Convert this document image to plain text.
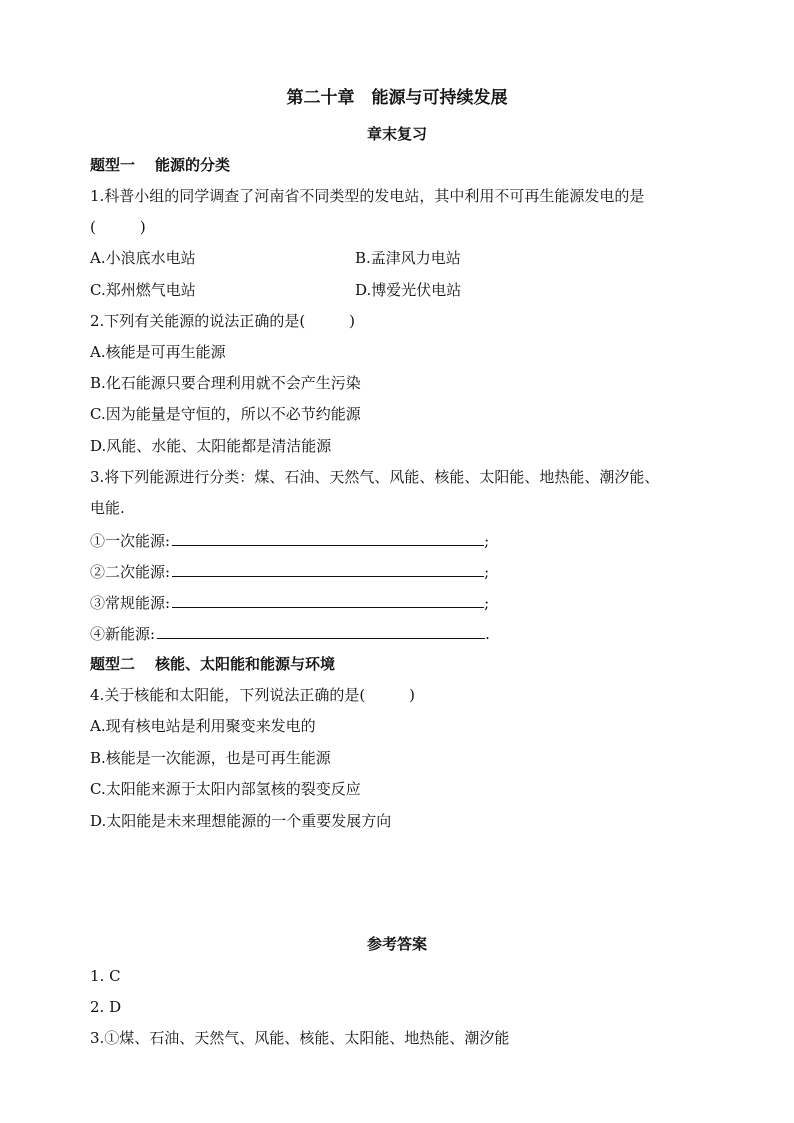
第二十章　能源与可持续发展
章末复习
题型一 能源的分类
1.科普小组的同学调查了河南省不同类型的发电站，其中利用不可再生能源发电的是
(	)
A.小浪底水电站	B.孟津风力电站
C.郑州燃气电站	D.博爱光伏电站
2.下列有关能源的说法正确的是(	)
A.核能是可再生能源
B.化石能源只要合理利用就不会产生污染
C.因为能量是守恒的，所以不必节约能源
D.风能、水能、太阳能都是清洁能源
3.将下列能源进行分类：煤、石油、天然气、风能、核能、太阳能、地热能、潮汐能、
电能.
①一次能源:	;
②二次能源:	;
③常规能源:	;
④新能源:	.
题型二 核能、太阳能和能源与环境
4.关于核能和太阳能，下列说法正确的是(	)
A.现有核电站是利用聚变来发电的
B.核能是一次能源，也是可再生能源
C.太阳能来源于太阳内部氢核的裂变反应
D.太阳能是未来理想能源的一个重要发展方向
参考答案
1. C
2. D
3.①煤、石油、天然气、风能、核能、太阳能、地热能、潮汐能
